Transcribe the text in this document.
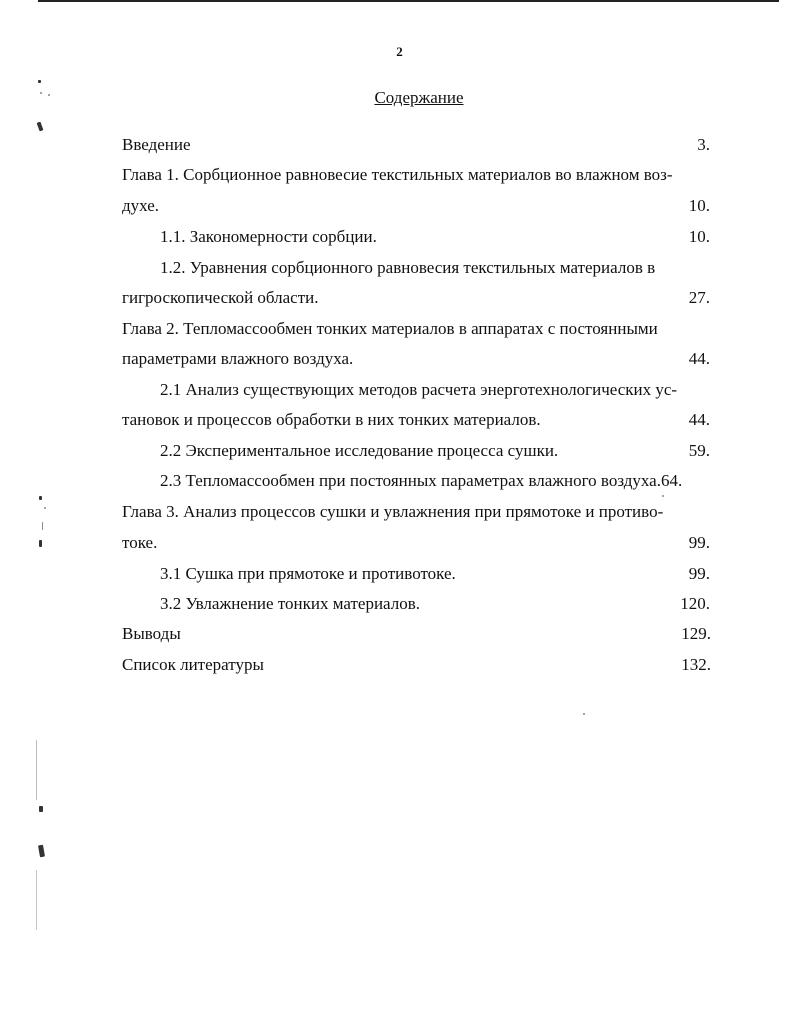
2
Содержание
Введение	3.
Глава 1. Сорбционное равновесие текстильных материалов во влажном воз-
духе.	10.
1.1. Закономерности сорбции.	10.
1.2. Уравнения сорбционного равновесия текстильных материалов в
гигроскопической области.	27.
Глава 2. Тепломассообмен тонких материалов в аппаратах с постоянными
параметрами влажного воздуха.	44.
2.1 Анализ существующих методов расчета энерготехнологических ус-
тановок и процессов обработки в них тонких материалов.	44.
2.2 Экспериментальное исследование процесса сушки.	59.
2.3 Тепломассообмен при постоянных параметрах влажного воздуха.64.
Глава 3. Анализ процессов сушки и увлажнения при прямотоке и противо-
токе.	99.
3.1 Сушка при прямотоке и противотоке.	99.
3.2 Увлажнение тонких материалов.	120.
Выводы	129.
Список литературы	132.
